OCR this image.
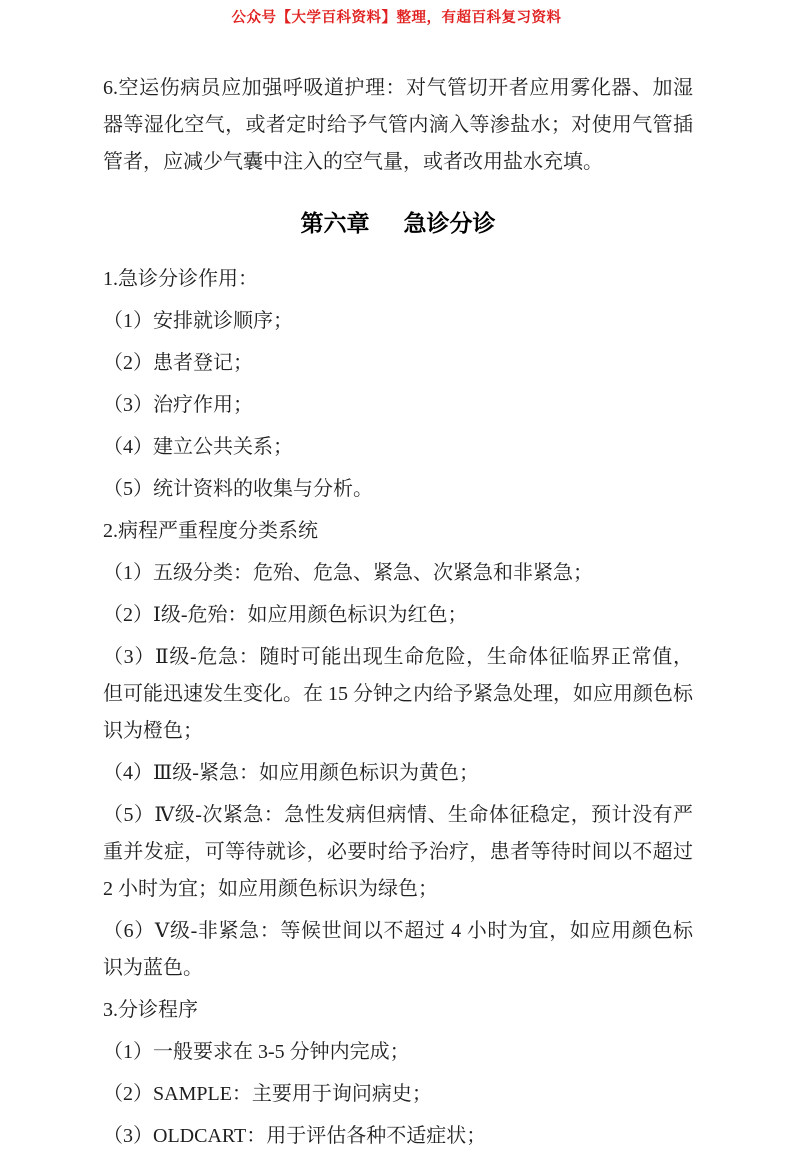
公众号【大学百科资料】整理，有超百科复习资料

6.空运伤病员应加强呼吸道护理：对气管切开者应用雾化器、加湿器等湿化空气，或者定时给予气管内滴入等渗盐水；对使用气管插管者，应减少气囊中注入的空气量，或者改用盐水充填。

第六章 急诊分诊

1.急诊分诊作用：

（1）安排就诊顺序；

（2）患者登记；

（3）治疗作用；

（4）建立公共关系；

（5）统计资料的收集与分析。

2.病程严重程度分类系统

（1）五级分类：危殆、危急、紧急、次紧急和非紧急；

（2）Ⅰ级-危殆：如应用颜色标识为红色；

（3）Ⅱ级-危急：随时可能出现生命危险，生命体征临界正常值，但可能迅速发生变化。在 15 分钟之内给予紧急处理，如应用颜色标识为橙色；

（4）Ⅲ级-紧急：如应用颜色标识为黄色；

（5）Ⅳ级-次紧急：急性发病但病情、生命体征稳定，预计没有严重并发症，可等待就诊，必要时给予治疗，患者等待时间以不超过 2 小时为宜；如应用颜色标识为绿色；

（6）Ⅴ级-非紧急：等候世间以不超过 4 小时为宜，如应用颜色标识为蓝色。

3.分诊程序

（1）一般要求在 3-5 分钟内完成；

（2）SAMPLE：主要用于询问病史；

（3）OLDCART：用于评估各种不适症状；
